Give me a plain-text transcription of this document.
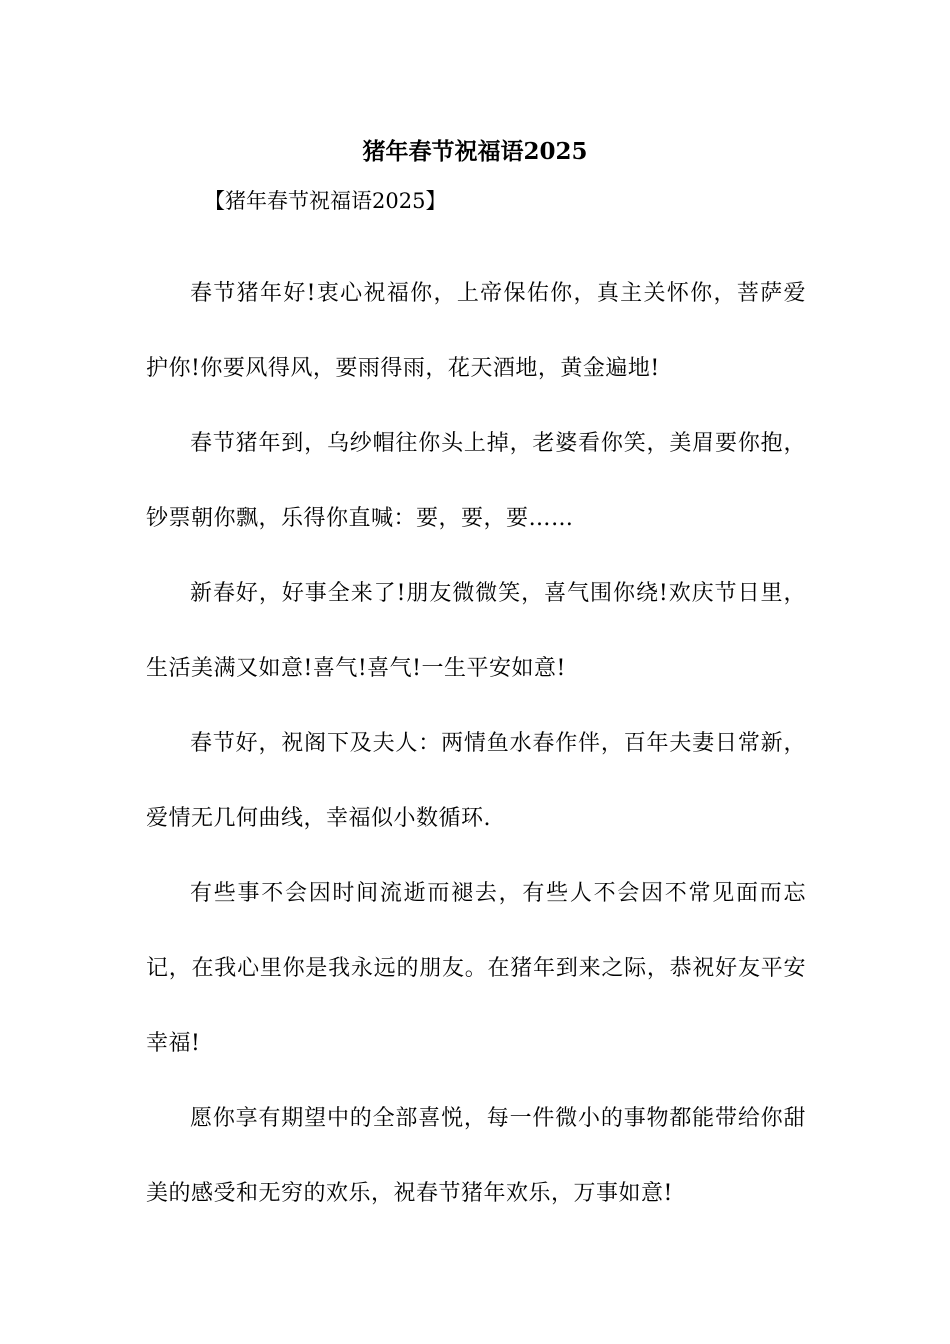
猪年春节祝福语2025
【猪年春节祝福语2025】

春节猪年好!衷心祝福你，上帝保佑你，真主关怀你，菩萨爱护你!你要风得风，要雨得雨，花天酒地，黄金遍地!

春节猪年到，乌纱帽往你头上掉，老婆看你笑，美眉要你抱，钞票朝你飘，乐得你直喊：要，要，要……

新春好，好事全来了!朋友微微笑，喜气围你绕!欢庆节日里，生活美满又如意!喜气!喜气!一生平安如意!

春节好，祝阁下及夫人：两情鱼水春作伴，百年夫妻日常新，爱情无几何曲线，幸福似小数循环.

有些事不会因时间流逝而褪去，有些人不会因不常见面而忘记，在我心里你是我永远的朋友。在猪年到来之际，恭祝好友平安幸福!

愿你享有期望中的全部喜悦，每一件微小的事物都能带给你甜美的感受和无穷的欢乐，祝春节猪年欢乐，万事如意!
